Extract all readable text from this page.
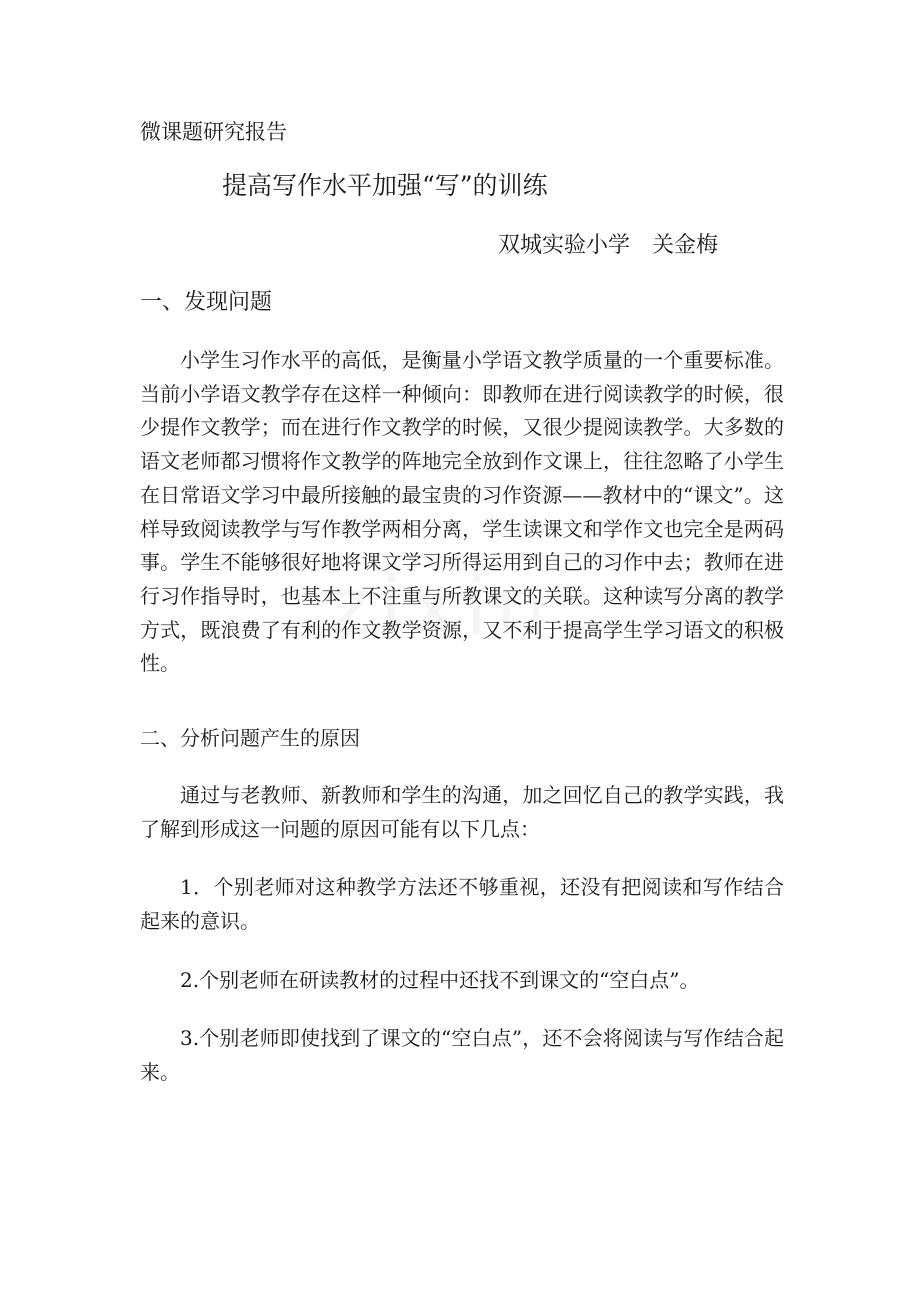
微课题研究报告
提高写作水平加强“写”的训练
双城实验小学　关金梅
一、发现问题

小学生习作水平的高低，是衡量小学语文教学质量的一个重要标准。当前小学语文教学存在这样一种倾向：即教师在进行阅读教学的时候，很少提作文教学；而在进行作文教学的时候，又很少提阅读教学。大多数的语文老师都习惯将作文教学的阵地完全放到作文课上，往往忽略了小学生在日常语文学习中最所接触的最宝贵的习作资源——教材中的“课文”。这样导致阅读教学与写作教学两相分离，学生读课文和学作文也完全是两码事。学生不能够很好地将课文学习所得运用到自己的习作中去；教师在进行习作指导时，也基本上不注重与所教课文的关联。这种读写分离的教学方式，既浪费了有利的作文教学资源，又不利于提高学生学习语文的积极性。

二、分析问题产生的原因

通过与老教师、新教师和学生的沟通，加之回忆自己的教学实践，我了解到形成这一问题的原因可能有以下几点：

1．个别老师对这种教学方法还不够重视，还没有把阅读和写作结合起来的意识。

2.个别老师在研读教材的过程中还找不到课文的“空白点”。

3.个别老师即使找到了课文的“空白点”，还不会将阅读与写作结合起来。
